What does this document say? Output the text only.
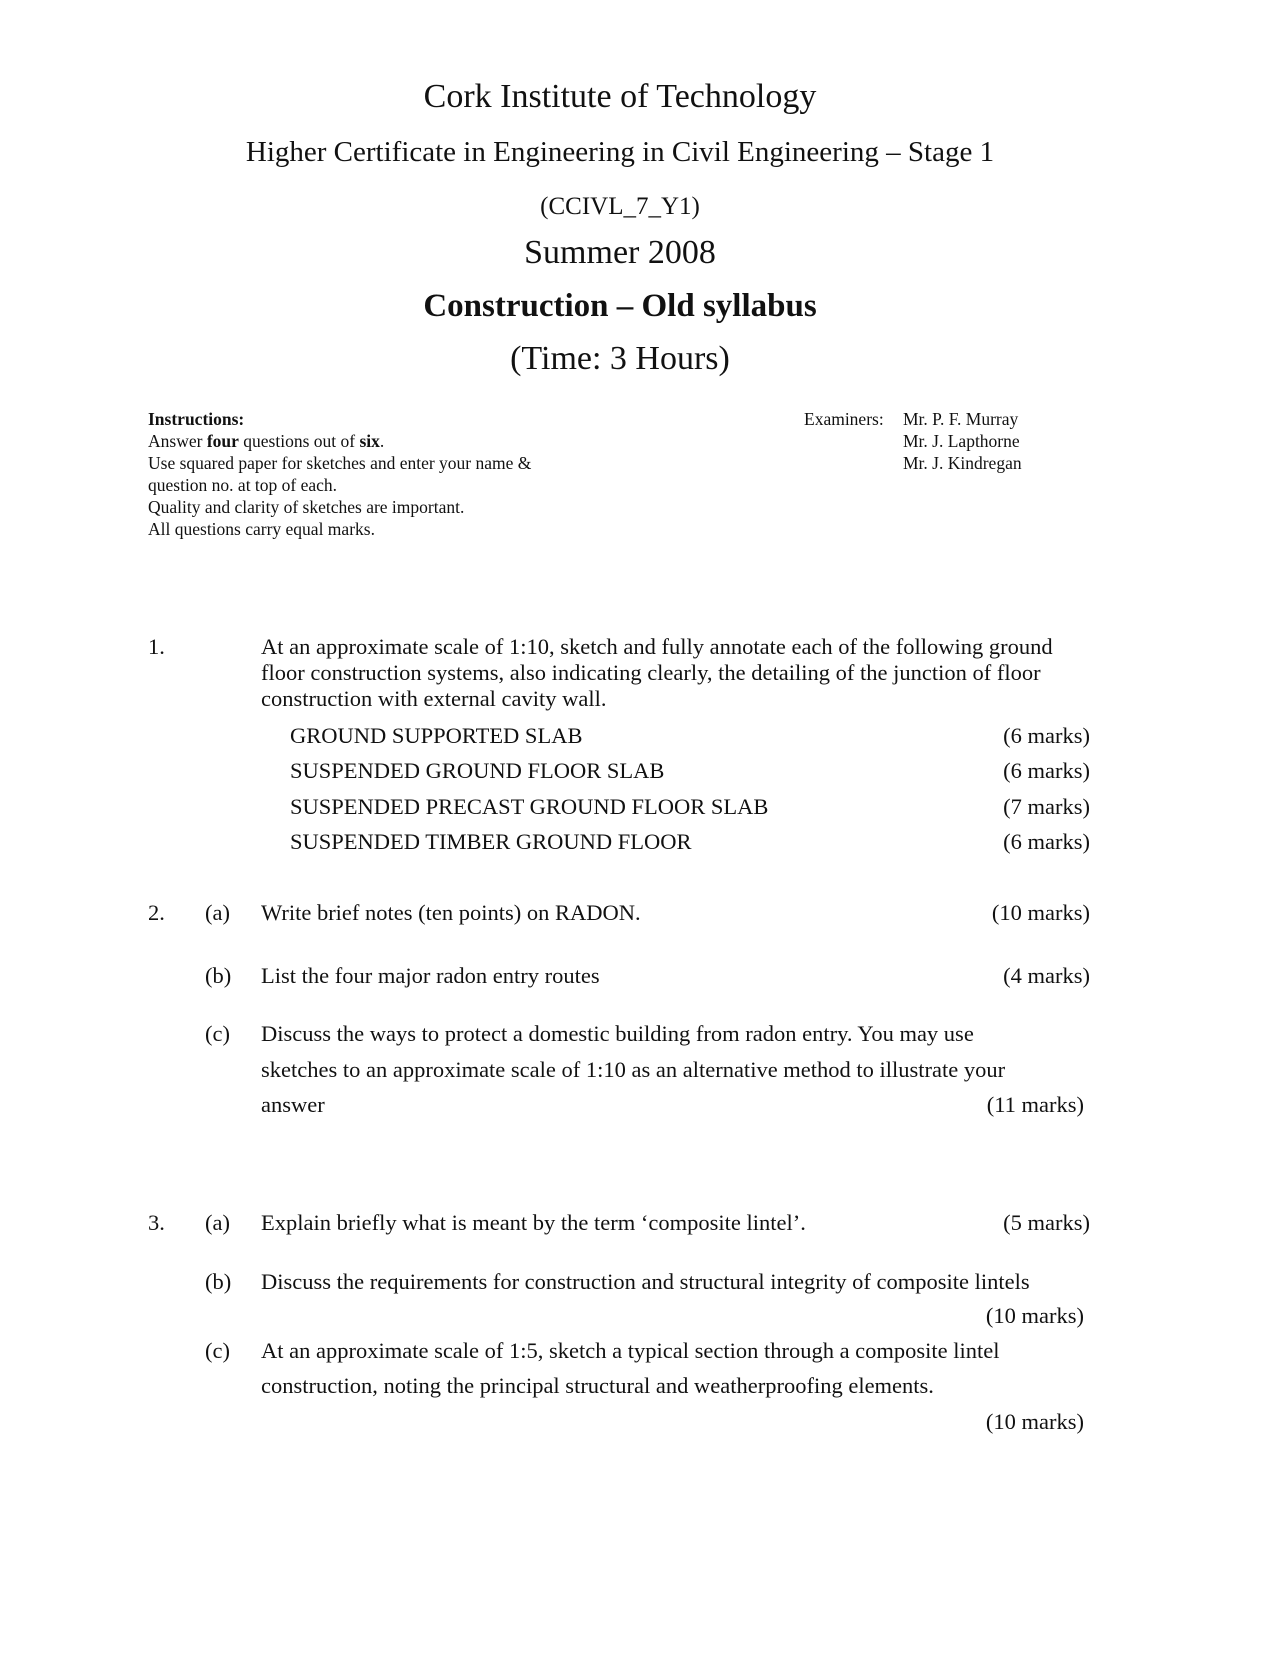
Cork Institute of Technology
Higher Certificate in Engineering in Civil Engineering – Stage 1
(CCIVL_7_Y1)
Summer 2008
Construction – Old syllabus
(Time: 3 Hours)
Instructions:
Answer four questions out of six.
Use squared paper for sketches and enter your name &
question no. at top of each.
Quality and clarity of sketches are important.
All questions carry equal marks.
Examiners: Mr. P. F. Murray
Mr. J. Lapthorne
Mr. J. Kindregan
1.	At an approximate scale of 1:10, sketch and fully annotate each of the following ground floor construction systems, also indicating clearly, the detailing of the junction of floor construction with external cavity wall.
GROUND SUPPORTED SLAB	(6 marks)
SUSPENDED GROUND FLOOR SLAB	(6 marks)
SUSPENDED PRECAST GROUND FLOOR SLAB	(7 marks)
SUSPENDED TIMBER GROUND FLOOR	(6 marks)
2. (a) Write brief notes (ten points) on RADON.	(10 marks)
(b) List the four major radon entry routes	(4 marks)
(c) Discuss the ways to protect a domestic building from radon entry. You may use
sketches to an approximate scale of 1:10 as an alternative method to illustrate your
answer	(11 marks)
3. (a) Explain briefly what is meant by the term ‘composite lintel’.	(5 marks)
(b) Discuss the requirements for construction and structural integrity of composite lintels
(10 marks)
(c) At an approximate scale of 1:5, sketch a typical section through a composite lintel
construction, noting the principal structural and weatherproofing elements.
(10 marks)
